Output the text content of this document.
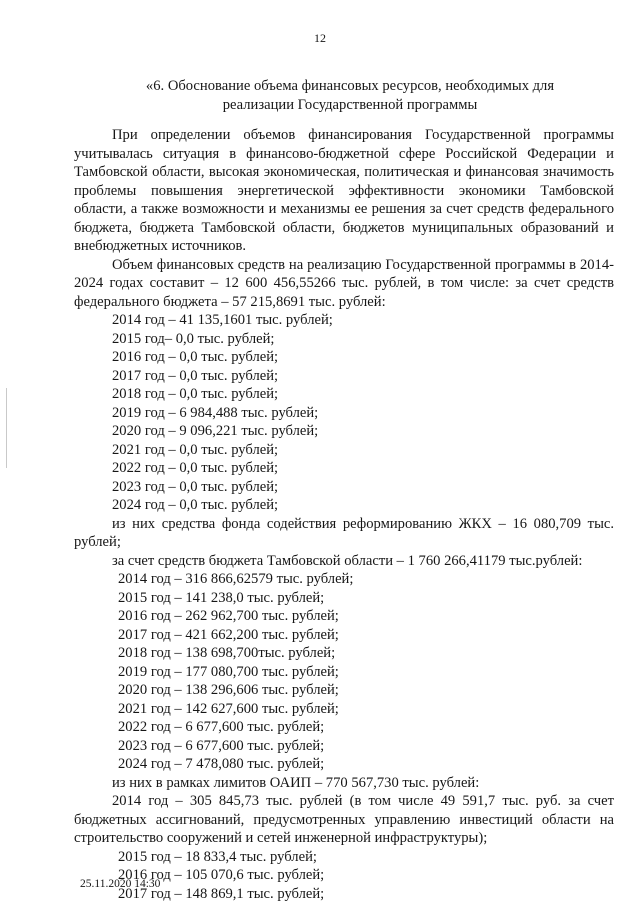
12
«6. Обоснование объема финансовых ресурсов, необходимых для
реализации Государственной программы

При определении объемов финансирования Государственной программы учитывалась ситуация в финансово-бюджетной сфере Российской Федерации и Тамбовской области, высокая экономическая, политическая и финансовая значимость проблемы повышения энергетической эффективности экономики Тамбовской области, а также возможности и механизмы ее решения за счет средств федерального бюджета, бюджета Тамбовской области, бюджетов муниципальных образований и внебюджетных источников.

Объем финансовых средств на реализацию Государственной программы в 2014-2024 годах составит – 12 600 456,55266 тыс. рублей, в том числе: за счет средств федерального бюджета – 57 215,8691 тыс. рублей:

2014 год – 41 135,1601 тыс. рублей;
2015 год– 0,0 тыс. рублей;
2016 год – 0,0 тыс. рублей;
2017 год – 0,0 тыс. рублей;
2018 год – 0,0 тыс. рублей;
2019 год – 6 984,488 тыс. рублей;
2020 год – 9 096,221 тыс. рублей;
2021 год – 0,0 тыс. рублей;
2022 год – 0,0 тыс. рублей;
2023 год – 0,0 тыс. рублей;
2024 год – 0,0 тыс. рублей;

из них средства фонда содействия реформированию ЖКХ – 16 080,709 тыс. рублей;

за счет средств бюджета Тамбовской области – 1 760 266,41179 тыс.рублей:
2014 год – 316 866,62579 тыс. рублей;
2015 год – 141 238,0 тыс. рублей;
2016 год – 262 962,700 тыс. рублей;
2017 год – 421 662,200 тыс. рублей;
2018 год – 138 698,700тыс. рублей;
2019 год – 177 080,700 тыс. рублей;
2020 год – 138 296,606 тыс. рублей;
2021 год – 142 627,600 тыс. рублей;
2022 год – 6 677,600 тыс. рублей;
2023 год – 6 677,600 тыс. рублей;
2024 год – 7 478,080 тыс. рублей;
из них в рамках лимитов ОАИП – 770 567,730 тыс. рублей:

2014 год – 305 845,73 тыс. рублей (в том числе 49 591,7 тыс. руб. за счет бюджетных ассигнований, предусмотренных управлению инвестиций области на строительство сооружений и сетей инженерной инфраструктуры);

2015 год – 18 833,4 тыс. рублей;
2016 год – 105 070,6 тыс. рублей;
2017 год – 148 869,1 тыс. рублей;
25.11.2020 14:30
